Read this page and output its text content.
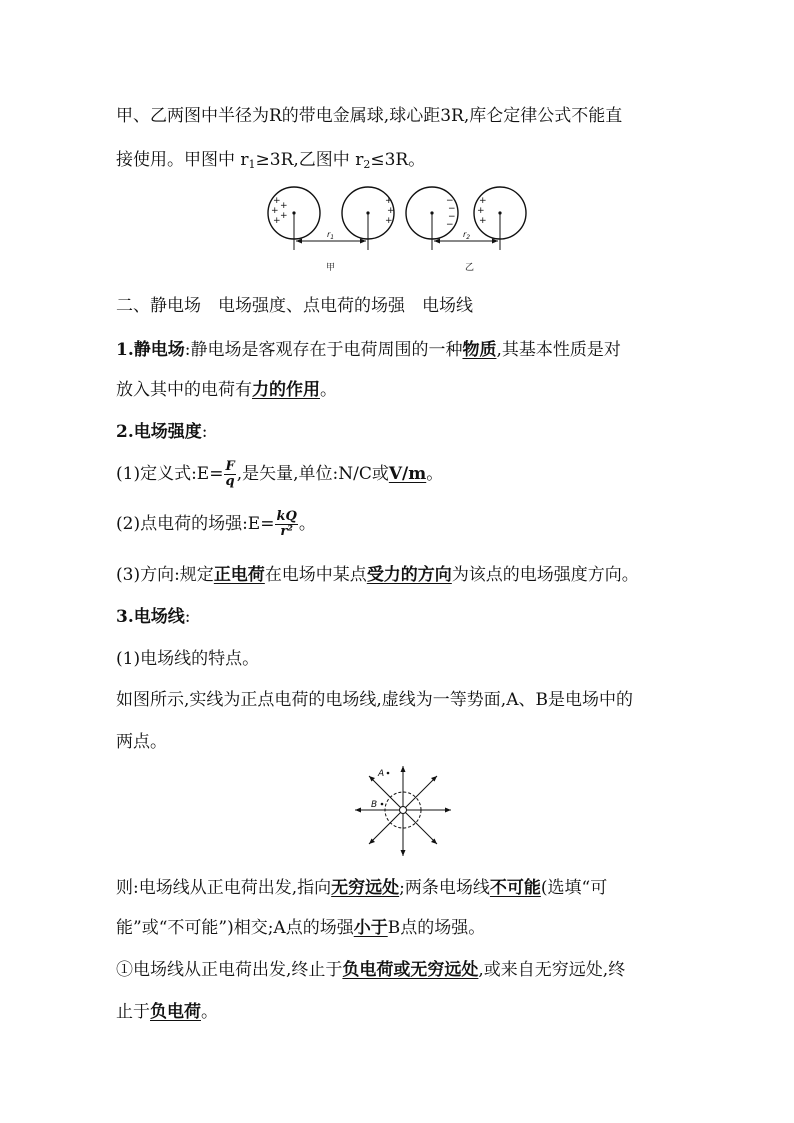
甲、乙两图中半径为R的带电金属球,球心距3R,库仑定律公式不能直
接使用。甲图中 $r_1\ge 3R$,乙图中 $r_2\le 3R$。
+
+
+
+
+
+
+
+
−
−
−
−
+
+
+
$r_1$	$r_2$
甲	乙
二、静电场　电场强度、点电荷的场强　电场线
1.静电场:静电场是客观存在于电荷周围的一种物质,其基本性质是对
放入其中的电荷有力的作用。
2.电场强度:
(1)定义式:E= $\frac{F}{q}$ ,是矢量,单位:N/C或V/m。
(2)点电荷的场强:E= $\frac{kQ}{\text{r²}}$ 。
(3)方向:规定正电荷在电场中某点受力的方向为该点的电场强度方向。
3.电场线:
(1)电场线的特点。
如图所示,实线为正点电荷的电场线,虚线为一等势面,A、B是电场中的
两点。
A
B
则:电场线从正电荷出发,指向无穷远处;两条电场线不可能(选填“可
能”或“不可能”)相交;A点的场强小于B点的场强。
①电场线从正电荷出发,终止于负电荷或无穷远处,或来自无穷远处,终
止于负电荷。
